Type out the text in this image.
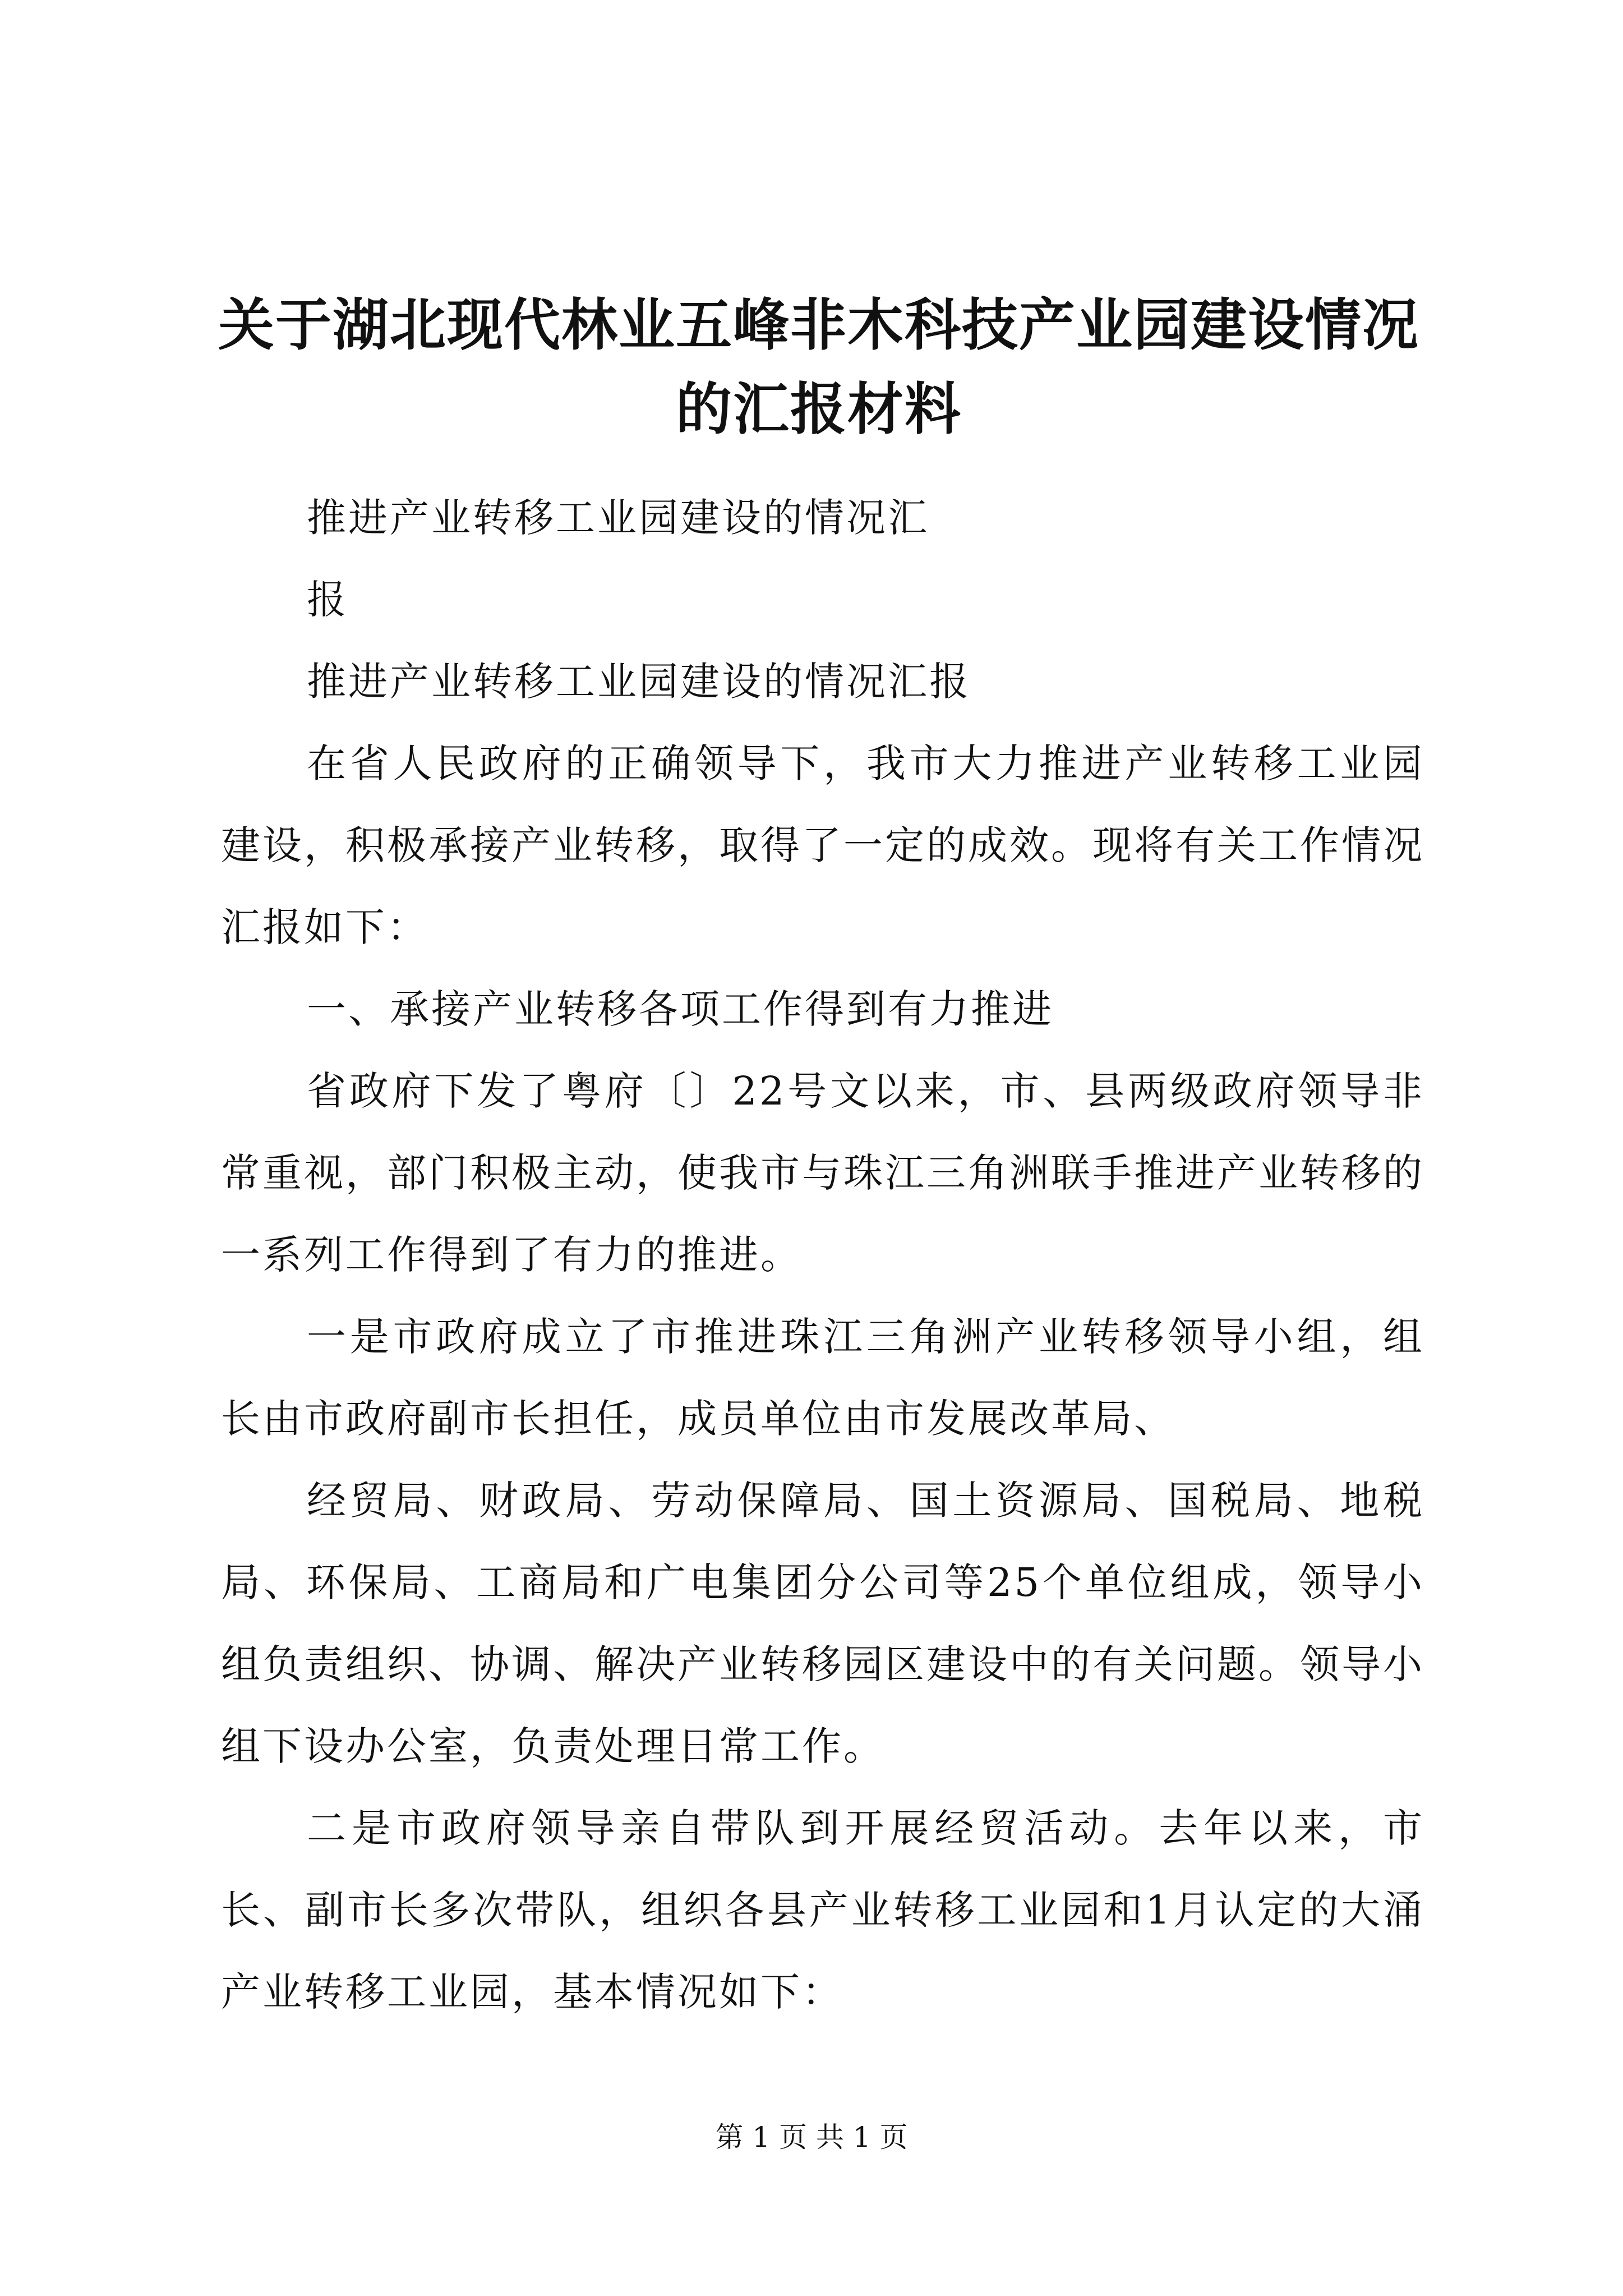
关于湖北现代林业五峰非木科技产业园建设情况的汇报材料

推进产业转移工业园建设的情况汇

报

推进产业转移工业园建设的情况汇报

在省人民政府的正确领导下，我市大力推进产业转移工业园建设，积极承接产业转移，取得了一定的成效。现将有关工作情况汇报如下：

一、承接产业转移各项工作得到有力推进

省政府下发了粤府〔〕22号文以来，市、县两级政府领导非常重视，部门积极主动，使我市与珠江三角洲联手推进产业转移的一系列工作得到了有力的推进。

一是市政府成立了市推进珠江三角洲产业转移领导小组，组长由市政府副市长担任，成员单位由市发展改革局、

经贸局、财政局、劳动保障局、国土资源局、国税局、地税局、环保局、工商局和广电集团分公司等25个单位组成，领导小组负责组织、协调、解决产业转移园区建设中的有关问题。领导小组下设办公室，负责处理日常工作。

二是市政府领导亲自带队到开展经贸活动。去年以来，市长、副市长多次带队，组织各县产业转移工业园和1月认定的大涌产业转移工业园，基本情况如下：

第 1 页 共 1 页
